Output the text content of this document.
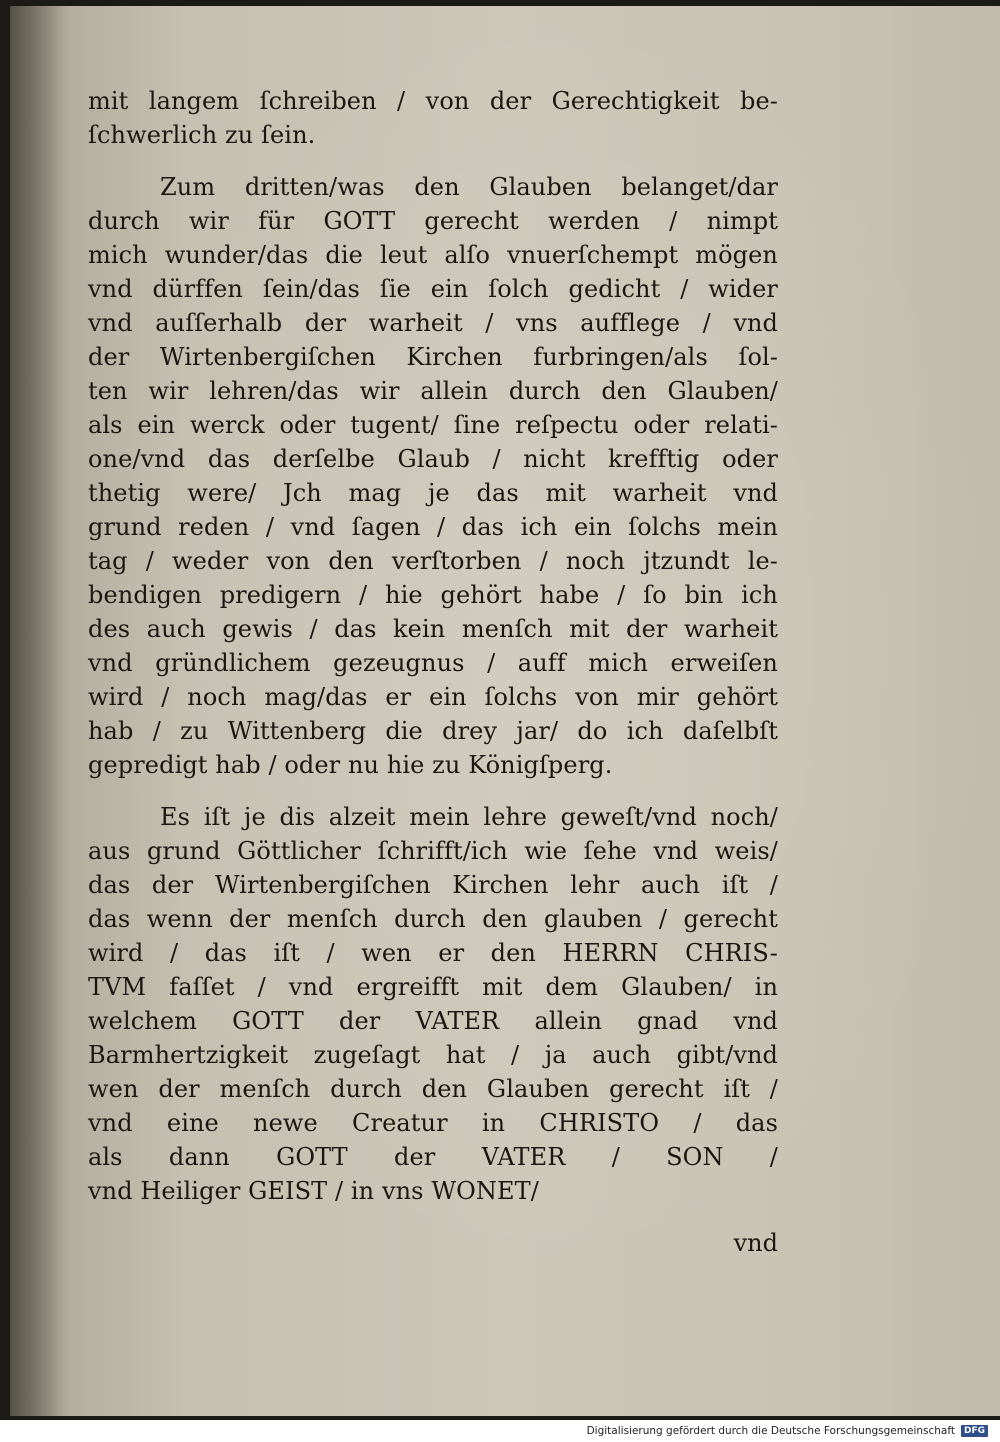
mit langem ſchreiben / von der Gerechtigkeit be-
ſchwerlich zu ſein.
Zum dritten/was den Glauben belanget/dar
durch wir für GOTT gerecht werden / nimpt
mich wunder/das die leut alſo vnuerſchempt mögen
vnd dürffen ſein/das ſie ein ſolch gedicht / wider
vnd auſſerhalb der warheit / vns aufflege / vnd
der Wirtenbergiſchen Kirchen furbringen/als ſol-
ten wir lehren/das wir allein durch den Glauben/
als ein werck oder tugent/ ſine reſpectu oder relati-
one/vnd das derſelbe Glaub / nicht krefftig oder
thetig were/ Jch mag je das mit warheit vnd
grund reden / vnd ſagen / das ich ein ſolchs mein
tag / weder von den verſtorben / noch jtzundt le-
bendigen predigern / hie gehört habe / ſo bin ich
des auch gewis / das kein menſch mit der warheit
vnd gründlichem gezeugnus / auff mich erweiſen
wird / noch mag/das er ein ſolchs von mir gehört
hab / zu Wittenberg die drey jar/ do ich daſelbſt
gepredigt hab / oder nu hie zu Königſperg.
Es iſt je dis alzeit mein lehre geweſt/vnd noch/
aus grund Göttlicher ſchrifft/ich wie ſehe vnd weis/
das der Wirtenbergiſchen Kirchen lehr auch iſt /
das wenn der menſch durch den glauben / gerecht
wird / das iſt / wen er den HERRN CHRIS-
TVM faſſet / vnd ergreifft mit dem Glauben/ in
welchem GOTT der VATER allein gnad vnd
Barmhertzigkeit zugeſagt hat / ja auch gibt/vnd
wen der menſch durch den Glauben gerecht iſt /
vnd eine newe Creatur in CHRISTO / das
als dann GOTT der VATER / SON /
vnd Heiliger GEIST / in vns WONET/
vnd
Digitalisierung gefördert durch die Deutsche Forschungsgemeinschaft	DFG
